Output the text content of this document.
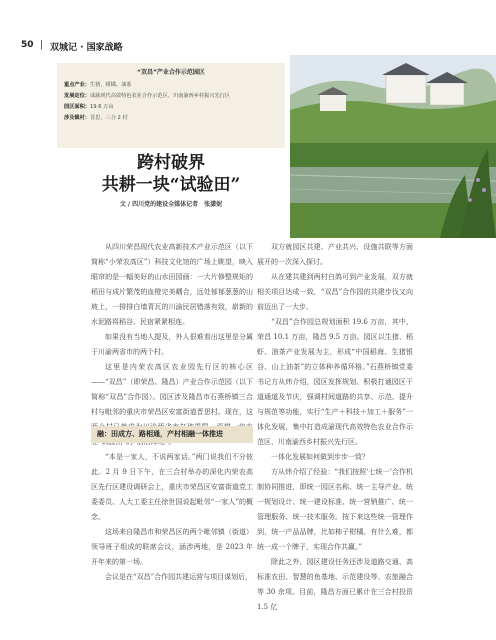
50 | 双城记 · 国家战略
“双昌”产业合作示范园区
重点产业：生猪、柑橘、油茶
发展定位：成渝现代高效特色农业合作示范区、川南渝西乡村振兴先行区
园区面积：19.6 万亩
涉及镇村：晋思、三合 2 村
跨村破界
共耕一块“试验田”
文 / 四川党的建设全媒体记者　张潇妮

从四川荣昌现代农业高新技术产业示范区（以下简称“小荣农高区”）科技文化馆的广场上眺望，映入眼帘的是一幅美好的山水田园画：一大片修整规矩的稻田与成片繁茂的血橙完美耦合，远处郁郁葱葱的山坡上，一排排白墙青瓦的川渝民居错落有致，崭新的水泥路将稻谷、民宿紧紧相连。

如果没有当地人提及，外人很难看出这里是分属于川渝两省市的两个村。

这里是内荣农高区农业园先行区的核心区——“双昌”（即荣昌、隆昌）产业合作示范园（以下简称“双昌”合作园）。园区涉及隆昌市石燕桥镇三合村与毗邻的重庆市荣昌区安富街道晋思村。现在，这

融：田成方、路相通，产村相融一体推进

“本是一家人，不说两家话。”两门说我们不分彼此。2 月 9 日下午，在三合村举办的深化内荣农高区先行区建设调研会上，重庆市荣昌区安富街道党工委委员、人大工委主任徐世国说起毗邻“一家人”的概念。

这场来自隆昌市和荣昌区的两个毗邻镇（街道）领导班子组成的联席会议，涵涉两地，是 2023 年开年来的第一场。

会议是在“双昌”合作园共建运营与项目谋划后，

双方就园区共建、产业共兴、设施共联等方面展开的一次深入探讨。

从在建共建到两村白鸽可到产业发展，双方就相关项目达成一致，“双昌”合作园的共建步伐又向前迈出了一大步。

“双昌”合作园总规划面积 19.6 万亩，其中，荣昌 10.1 万亩，隆昌 9.5 万亩。园区以生猪、稻虾、油茶产业发展为主，形成“中国稻海、生猪银谷、山上油茶”的立体种养循环格。”石燕桥镇党委书记方从炜介绍，园区发挥规划、积极打通园区干道通道及节庆，强调村间道路的共享、示范、提升与规范等功能，实行“生产＋科技＋加工＋服务”一体化发展，集中打造成渝现代高效特色农业合作示范区、川南渝西乡村振兴先行区。

一体化发展如何做到步步一致？

方从炜介绍了经验：“我们按照‘七统一’合作机制协同推进，即统一园区名称、统一主导产业、统一规划设计、统一建设标准、统一营销推广、统一管理服务、统一技术服务。按下来这些统一管理作到，统一产品品牌，比如柿子柑橘。有什么难，都统一成一个牌子，实现合作共赢。”

除此之外，园区建设任务还涉及道路交通、高标准农田、智慧的鱼基地、示范建设等、农旅融合等 30 余项。目前，隆昌方面已累计在三合村投资 1.5 亿
